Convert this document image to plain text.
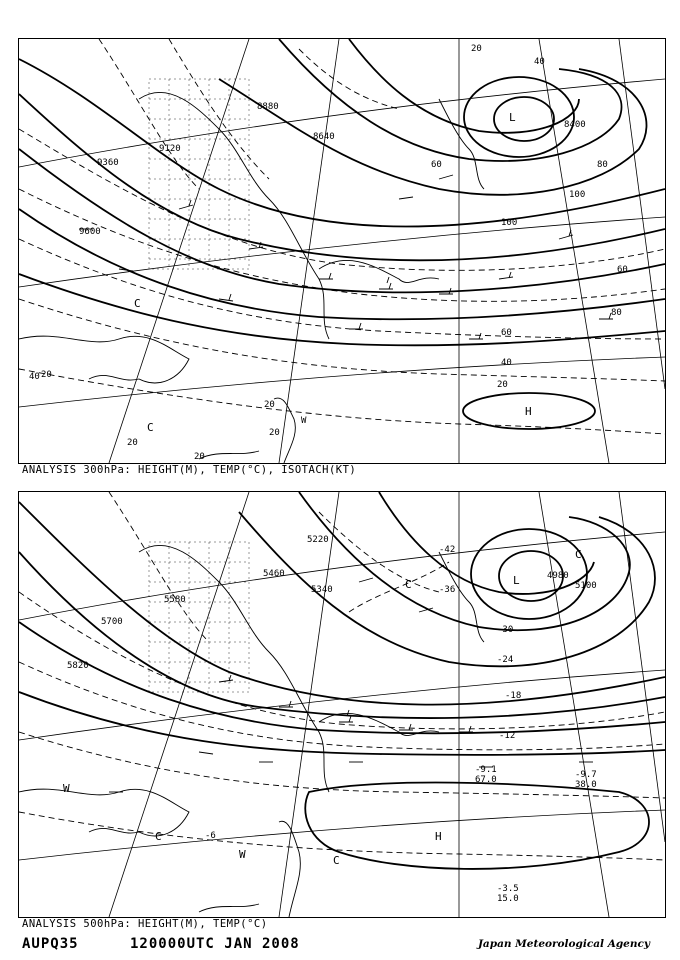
8880
9120
9360
9600
8640
8400
20
40
60	80
100
60
80
40
20
60
40
20
100
20
20
20
20
L
H
C
C	W
ANALYSIS 300hPa: HEIGHT(M), TEMP(°C), ISOTACH(KT)
5580
5700
5820
5460
5340
5220
5100
4980
-42
-36
-30
-24
-18
-12
-6
L
H
C
C
W
W
C
C
-9.7
38.0
-3.5
15.0
-9.1
67.0
ANALYSIS 500hPa: HEIGHT(M), TEMP(°C)
AUPQ35	120000UTC JAN 2008	Japan Meteorological Agency
